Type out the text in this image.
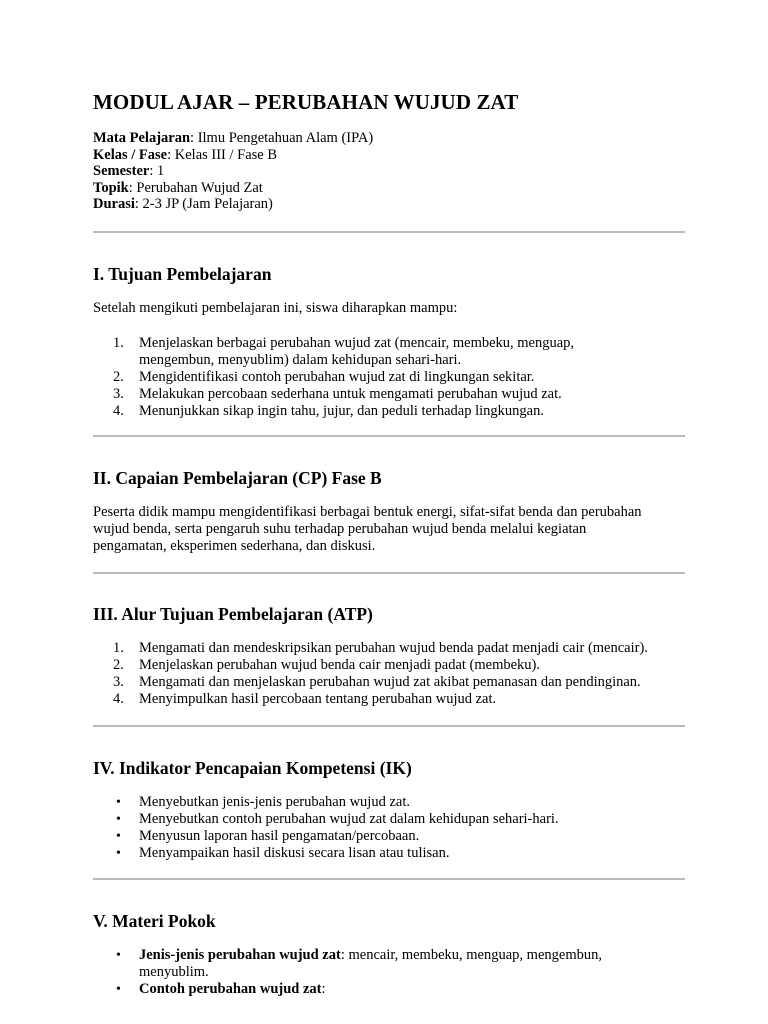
MODUL AJAR – PERUBAHAN WUJUD ZAT
Mata Pelajaran: Ilmu Pengetahuan Alam (IPA)
Kelas / Fase: Kelas III / Fase B
Semester: 1
Topik: Perubahan Wujud Zat
Durasi: 2-3 JP (Jam Pelajaran)
I. Tujuan Pembelajaran

Setelah mengikuti pembelajaran ini, siswa diharapkan mampu:

1. Menjelaskan berbagai perubahan wujud zat (mencair, membeku, menguap,
mengembun, menyublim) dalam kehidupan sehari-hari.
2. Mengidentifikasi contoh perubahan wujud zat di lingkungan sekitar.
3. Melakukan percobaan sederhana untuk mengamati perubahan wujud zat.
4. Menunjukkan sikap ingin tahu, jujur, dan peduli terhadap lingkungan.
II. Capaian Pembelajaran (CP) Fase B

Peserta didik mampu mengidentifikasi berbagai bentuk energi, sifat-sifat benda dan perubahan
wujud benda, serta pengaruh suhu terhadap perubahan wujud benda melalui kegiatan
pengamatan, eksperimen sederhana, dan diskusi.

III. Alur Tujuan Pembelajaran (ATP)
1. Mengamati dan mendeskripsikan perubahan wujud benda padat menjadi cair (mencair).
2. Menjelaskan perubahan wujud benda cair menjadi padat (membeku).
3. Mengamati dan menjelaskan perubahan wujud zat akibat pemanasan dan pendinginan.
4. Menyimpulkan hasil percobaan tentang perubahan wujud zat.
IV. Indikator Pencapaian Kompetensi (IK)
• Menyebutkan jenis-jenis perubahan wujud zat.
• Menyebutkan contoh perubahan wujud zat dalam kehidupan sehari-hari.
• Menyusun laporan hasil pengamatan/percobaan.
• Menyampaikan hasil diskusi secara lisan atau tulisan.
V. Materi Pokok
• Jenis-jenis perubahan wujud zat: mencair, membeku, menguap, mengembun,
menyublim.
• Contoh perubahan wujud zat:
